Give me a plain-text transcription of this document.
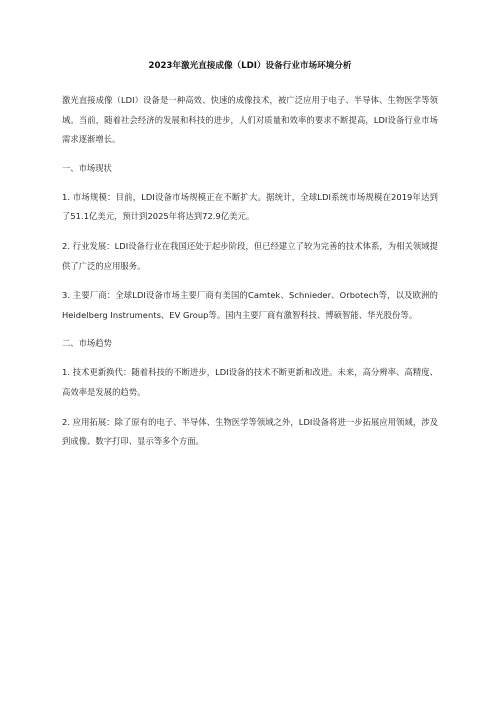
2023年激光直接成像（LDI）设备行业市场环境分析

激光直接成像（LDI）设备是一种高效、快速的成像技术，被广泛应用于电子、半导体、生物医学等领域。当前，随着社会经济的发展和科技的进步，人们对质量和效率的要求不断提高，LDI设备行业市场需求逐渐增长。

一、市场现状

1. 市场规模：目前，LDI设备市场规模正在不断扩大。据统计，全球LDI系统市场规模在2019年达到了51.1亿美元，预计到2025年将达到72.9亿美元。

2. 行业发展：LDI设备行业在我国还处于起步阶段，但已经建立了较为完善的技术体系，为相关领域提供了广泛的应用服务。

3. 主要厂商：全球LDI设备市场主要厂商有美国的Camtek、Schnieder、Orbotech等，以及欧洲的Heidelberg Instruments、EV Group等。国内主要厂商有激智科技、博硕智能、华光股份等。

二、市场趋势

1. 技术更新换代：随着科技的不断进步，LDI设备的技术不断更新和改进。未来，高分辨率、高精度、高效率是发展的趋势。

2. 应用拓展：除了原有的电子、半导体、生物医学等领域之外，LDI设备将进一步拓展应用领域，涉及到成像、数字打印、显示等多个方面。
